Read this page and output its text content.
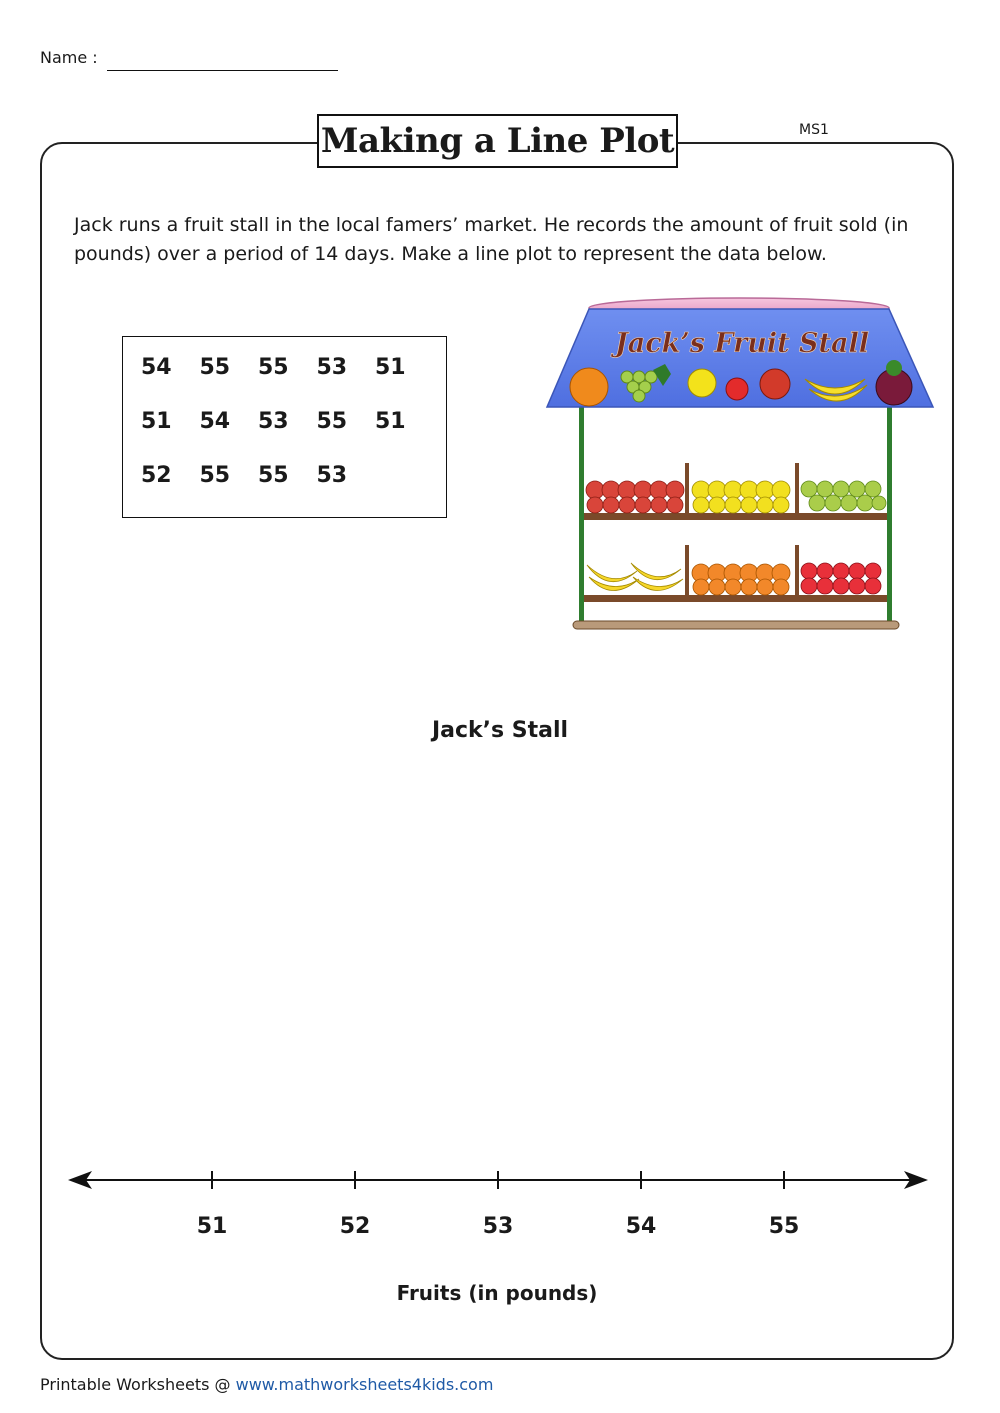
Name :
Making a Line Plot	MS1

Jack runs a fruit stall in the local famers’ market. He records the amount of fruit sold (in pounds) over a period of 14 days. Make a line plot to represent the data below.

54 55 55 53 51
51 54 53 55 51
52 55 55 53
Jack’s Fruit Stall
Jack’s Stall
51	52	53	54	55
Fruits (in pounds)
Printable Worksheets @ www.mathworksheets4kids.com
